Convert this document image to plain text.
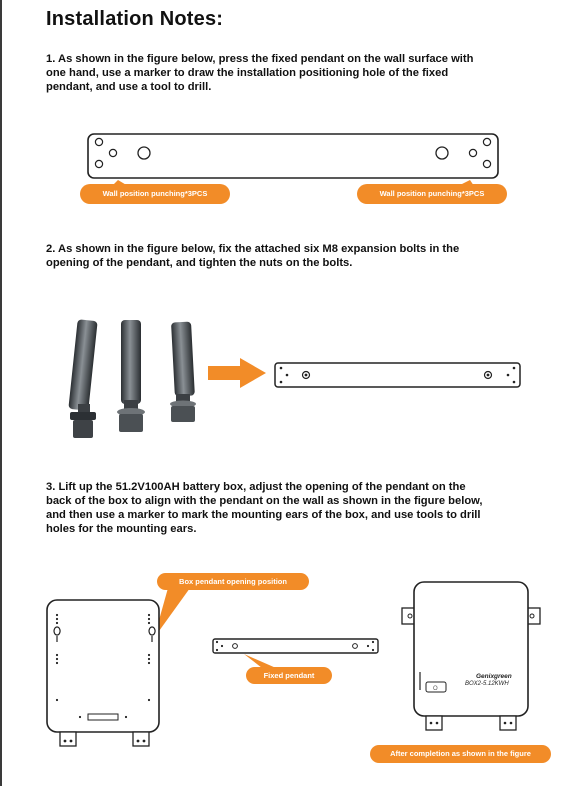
Installation Notes:

1. As shown in the figure below, press the fixed pendant on the wall surface with one hand, use a marker to draw the installation positioning hole of the fixed pendant, and use a tool to drill.

Wall position punching*3PCS	Wall position punching*3PCS

2. As shown in the figure below, fix the attached six M8 expansion bolts in the opening of the pendant, and tighten the nuts on the bolts.

3. Lift up the 51.2V100AH battery box, adjust the opening of the pendant on the back of the box to align with the pendant on the wall as shown in the figure below, and then use a marker to mark the mounting ears of the box, and use tools to drill holes for the mounting ears.

O
Genixgreen
BOX2-5.12KWH
Box pendant opening position
Fixed pendant
After completion as shown in the figure
